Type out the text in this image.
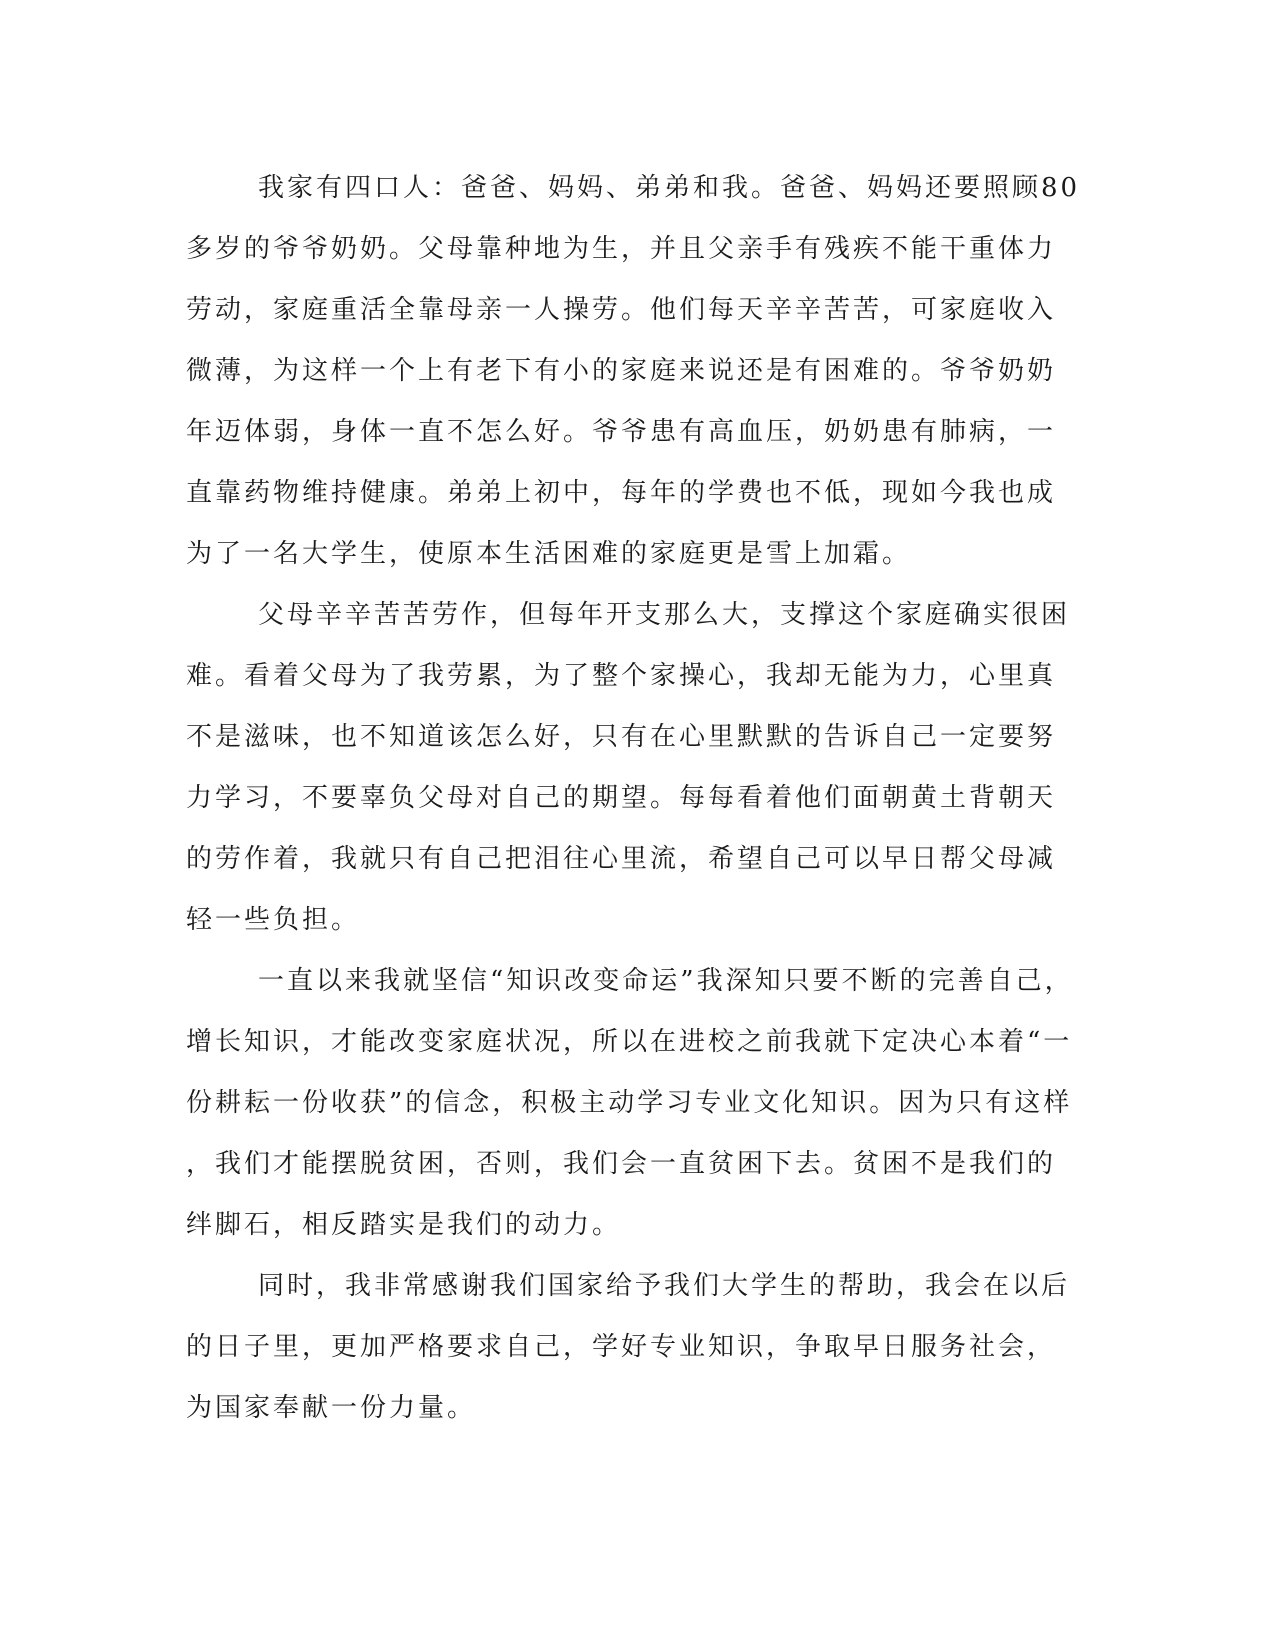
我家有四口人：爸爸、妈妈、弟弟和我。爸爸、妈妈还要照顾80
多岁的爷爷奶奶。父母靠种地为生，并且父亲手有残疾不能干重体力
劳动，家庭重活全靠母亲一人操劳。他们每天辛辛苦苦，可家庭收入
微薄，为这样一个上有老下有小的家庭来说还是有困难的。爷爷奶奶
年迈体弱，身体一直不怎么好。爷爷患有高血压，奶奶患有肺病，一
直靠药物维持健康。弟弟上初中，每年的学费也不低，现如今我也成
为了一名大学生，使原本生活困难的家庭更是雪上加霜。
父母辛辛苦苦劳作，但每年开支那么大，支撑这个家庭确实很困
难。看着父母为了我劳累，为了整个家操心，我却无能为力，心里真
不是滋味，也不知道该怎么好，只有在心里默默的告诉自己一定要努
力学习，不要辜负父母对自己的期望。每每看着他们面朝黄土背朝天
的劳作着，我就只有自己把泪往心里流，希望自己可以早日帮父母减
轻一些负担。
一直以来我就坚信“知识改变命运”我深知只要不断的完善自己，
增长知识，才能改变家庭状况，所以在进校之前我就下定决心本着“一
份耕耘一份收获”的信念，积极主动学习专业文化知识。因为只有这样
，我们才能摆脱贫困，否则，我们会一直贫困下去。贫困不是我们的
绊脚石，相反踏实是我们的动力。
同时，我非常感谢我们国家给予我们大学生的帮助，我会在以后
的日子里，更加严格要求自己，学好专业知识，争取早日服务社会，
为国家奉献一份力量。
